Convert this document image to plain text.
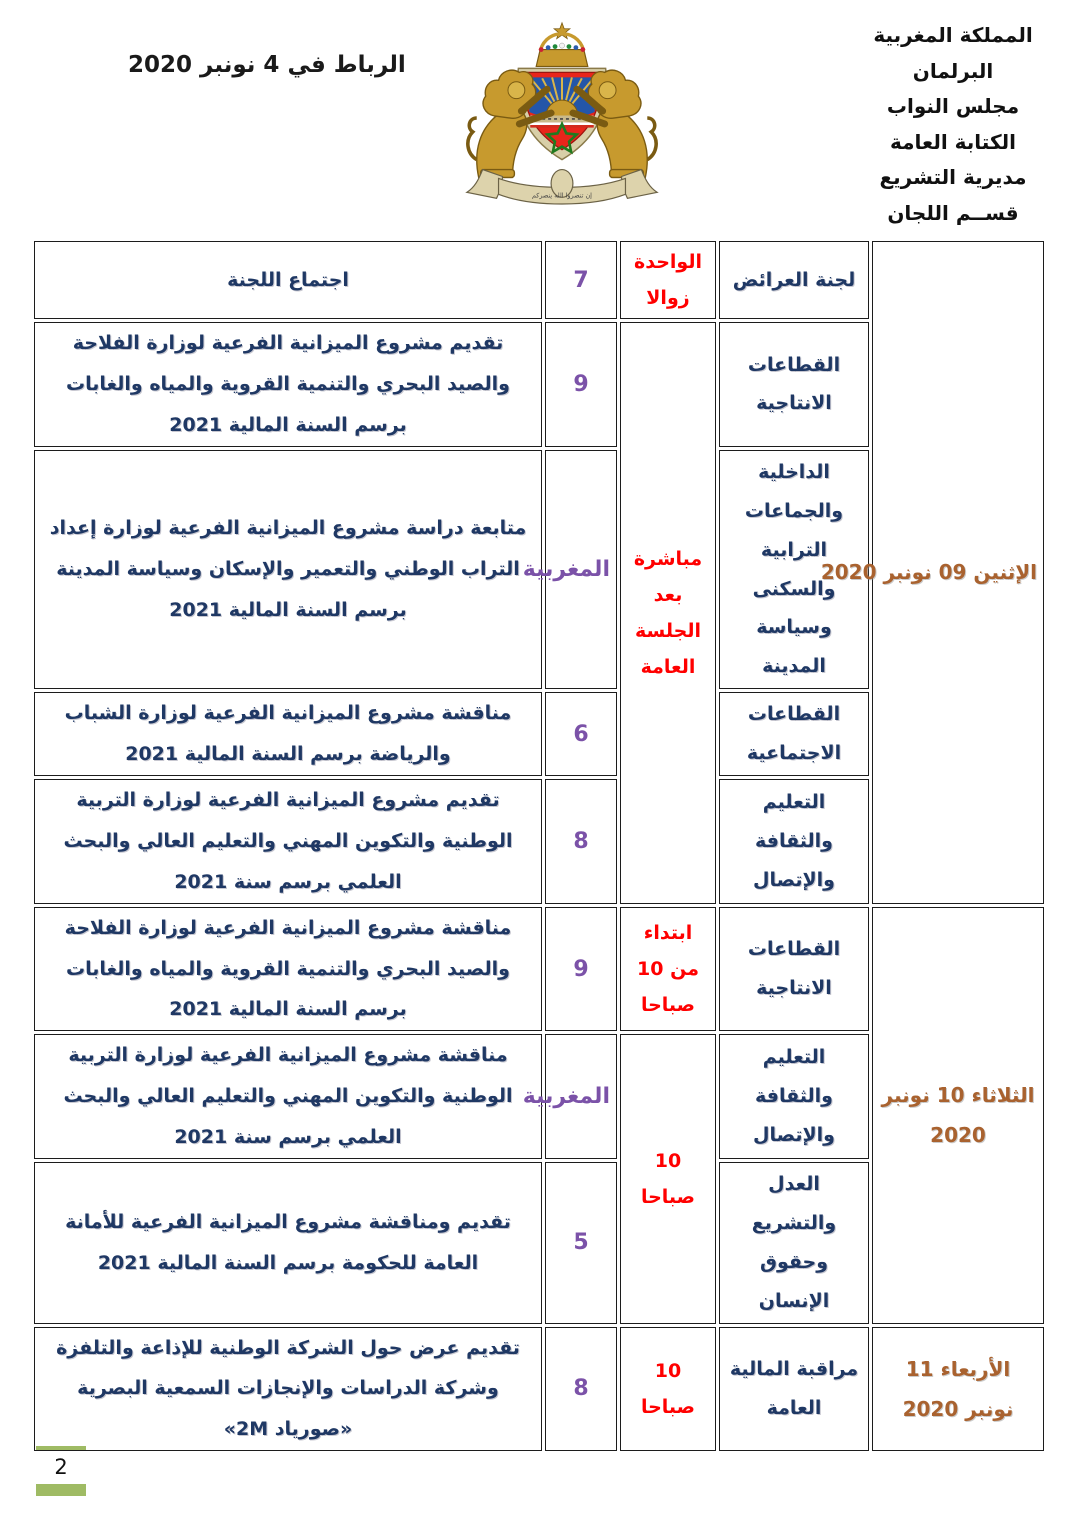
الرباط في 4 نونبر 2020
إن تنصروا الله ينصركم
المملكة المغربية
البرلمان
مجلس النواب
الكتابة العامة
مديرية التشريع
قســم اللجان
الإثنين 09 نونبر 2020	لجنة العرائض	الواحدة زوالا	7	اجتماع اللجنة
	القطاعات الانتاجية	مباشرة بعد الجلسة العامة	9	تقديم مشروع الميزانية الفرعية لوزارة الفلاحة والصيد البحري والتنمية القروية والمياه والغابات برسم السنة المالية 2021
	الداخلية والجماعات الترابية والسكنى وسياسة المدينة		المغربية	متابعة دراسة مشروع الميزانية الفرعية لوزارة إعداد التراب الوطني والتعمير والإسكان وسياسة المدينة برسم السنة المالية 2021
	القطاعات الاجتماعية		6	مناقشة مشروع الميزانية الفرعية لوزارة الشباب والرياضة برسم السنة المالية 2021
	التعليم والثقافة والإتصال		8	تقديم مشروع الميزانية الفرعية لوزارة التربية الوطنية والتكوين المهني والتعليم العالي والبحث العلمي برسم سنة 2021
الثلاثاء 10 نونبر 2020	القطاعات الانتاجية	ابتداء من 10 صباحا	9	مناقشة مشروع الميزانية الفرعية لوزارة الفلاحة والصيد البحري والتنمية القروية والمياه والغابات برسم السنة المالية 2021
	التعليم والثقافة والإتصال	10 صباحا	المغربية	مناقشة مشروع الميزانية الفرعية لوزارة التربية الوطنية والتكوين المهني والتعليم العالي والبحث العلمي برسم سنة 2021
	العدل والتشريع وحقوق الإنسان		5	تقديم ومناقشة مشروع الميزانية الفرعية للأمانة العامة للحكومة برسم السنة المالية 2021
الأربعاء 11 نونبر 2020	مراقبة المالية العامة	10 صباحا	8	تقديم عرض حول الشركة الوطنية للإذاعة والتلفزة وشركة الدراسات والإنجازات السمعية البصرية «صورياد 2M»
2
